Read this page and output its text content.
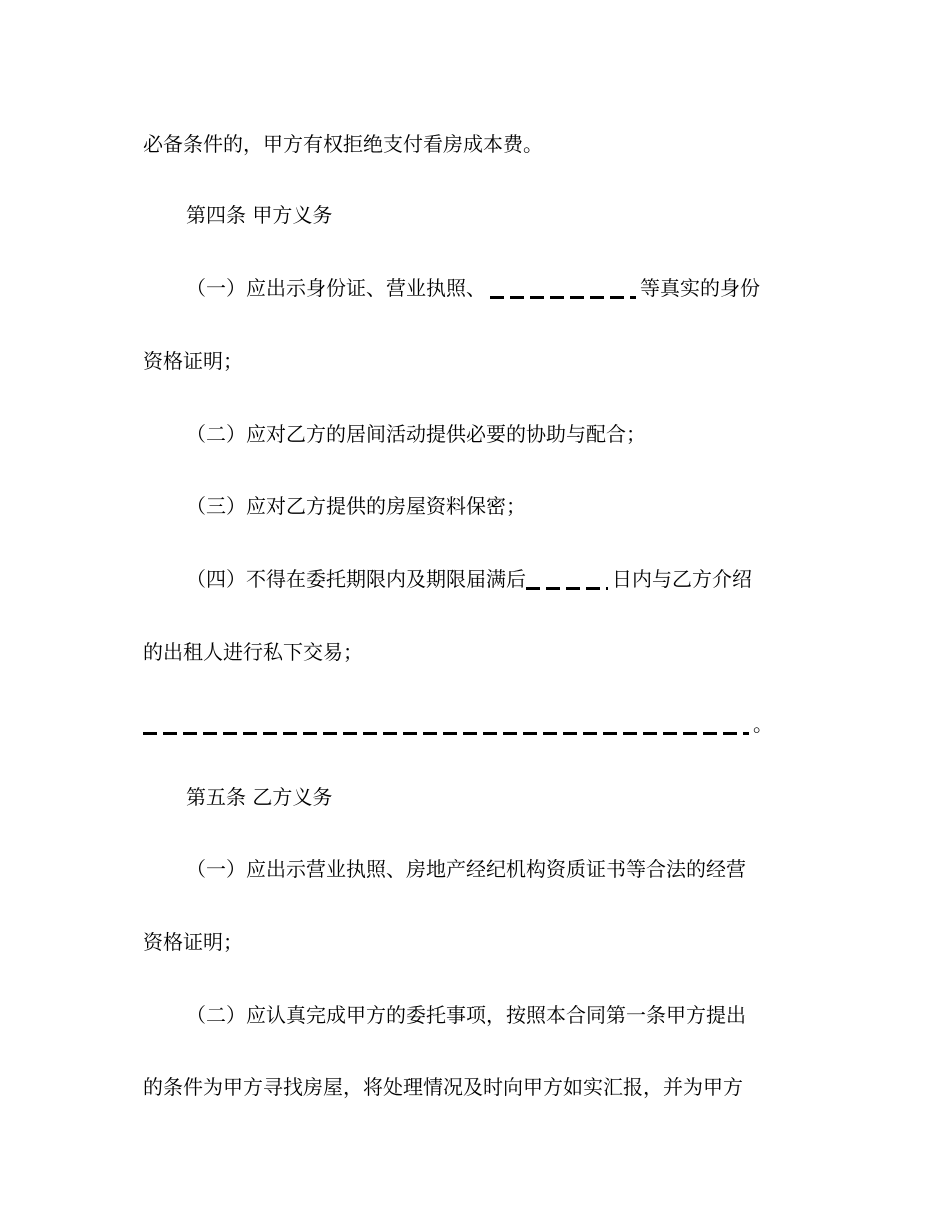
必备条件的，甲方有权拒绝支付看房成本费。
第四条 甲方义务
（一）应出示身份证、营业执照、	等真实的身份
资格证明；
（二）应对乙方的居间活动提供必要的协助与配合；
（三）应对乙方提供的房屋资料保密；
（四）不得在委托期限内及期限届满后	日内与乙方介绍
的出租人进行私下交易；
。
第五条 乙方义务
（一）应出示营业执照、房地产经纪机构资质证书等合法的经营
资格证明；
（二）应认真完成甲方的委托事项，按照本合同第一条甲方提出
的条件为甲方寻找房屋，将处理情况及时向甲方如实汇报，并为甲方
